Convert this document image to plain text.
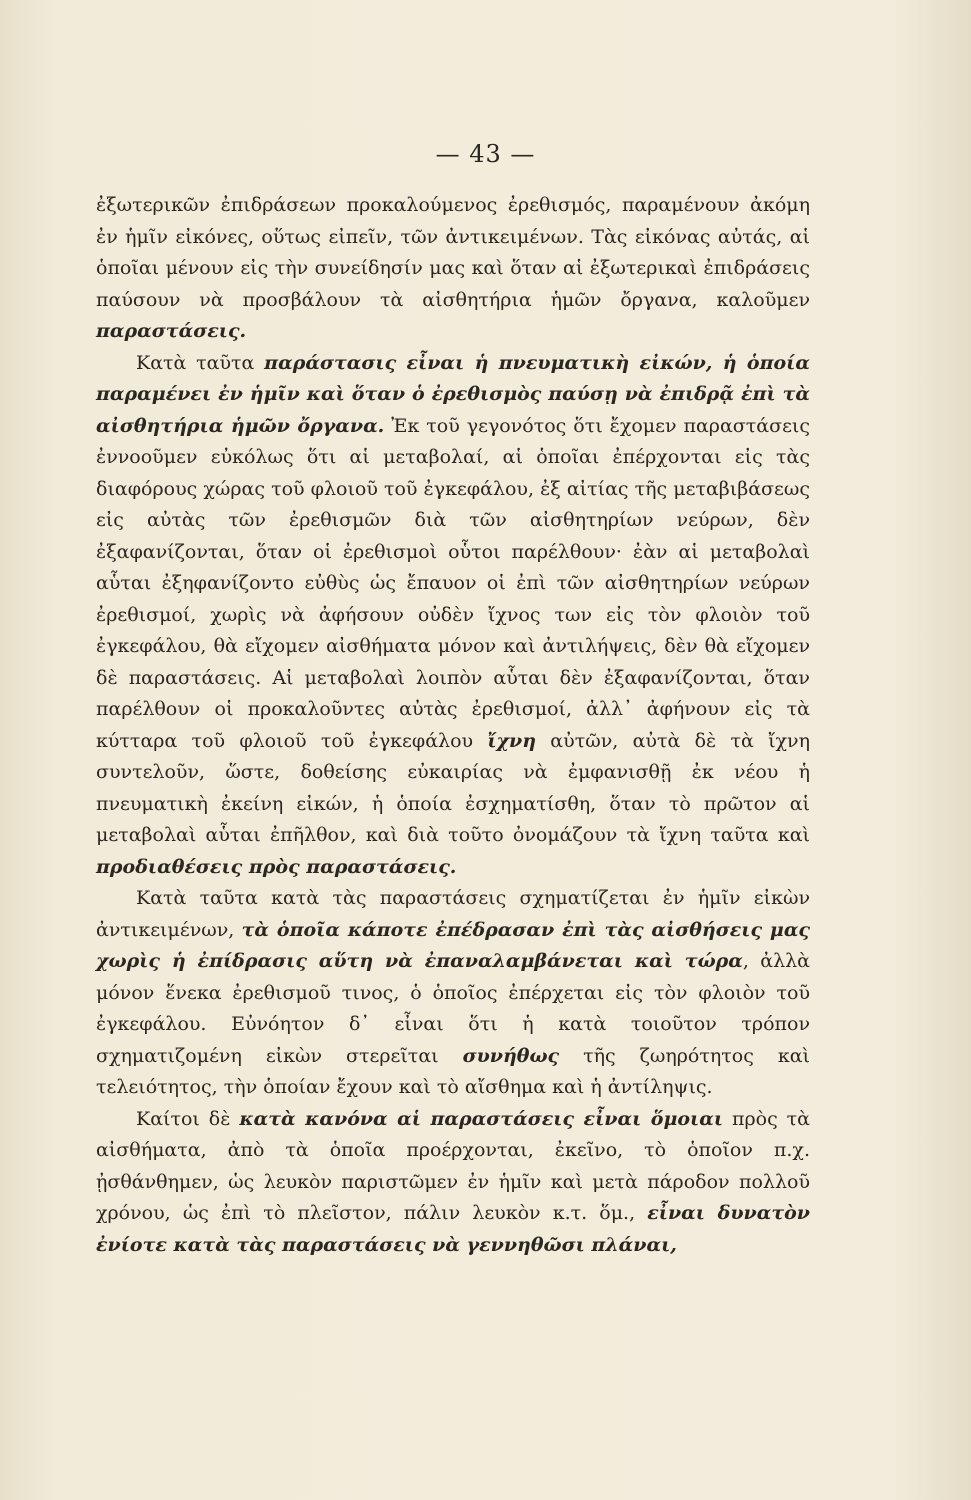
— 43 —

ἐξωτερικῶν ἐπιδράσεων προκαλούμενος ἐρεθισμός, παραμένουν ἀκόμη ἐν ἡμῖν εἰκόνες, οὕτως εἰπεῖν, τῶν ἀντικειμένων. Τὰς εἰκόνας αὐτάς, αἱ ὁποῖαι μένουν εἰς τὴν συνείδησίν μας καὶ ὅταν αἱ ἐξωτερικαὶ ἐπιδράσεις παύσουν νὰ προσβάλουν τὰ αἰσθητήρια ἡμῶν ὄργανα, καλοῦμεν παραστάσεις.

Κατὰ ταῦτα παράστασις εἶναι ἡ πνευματικὴ εἰκών, ἡ ὁποία παραμένει ἐν ἡμῖν καὶ ὅταν ὁ ἐρεθισμὸς παύσῃ νὰ ἐπιδρᾷ ἐπὶ τὰ αἰσθητήρια ἡμῶν ὄργανα. Ἐκ τοῦ γεγονότος ὅτι ἔχομεν παραστάσεις ἐννοοῦμεν εὐκόλως ὅτι αἱ μεταβολαί, αἱ ὁποῖαι ἐπέρχονται εἰς τὰς διαφόρους χώρας τοῦ φλοιοῦ τοῦ ἐγκεφάλου, ἐξ αἰτίας τῆς μεταβιβάσεως εἰς αὐτὰς τῶν ἐρεθισμῶν διὰ τῶν αἰσθητηρίων νεύρων, δὲν ἐξαφανίζονται, ὅταν οἱ ἐρεθισμοὶ οὗτοι παρέλθουν· ἐὰν αἱ μεταβολαὶ αὗται ἐξηφανίζοντο εὐθὺς ὡς ἔπαυον οἱ ἐπὶ τῶν αἰσθητηρίων νεύρων ἐρεθισμοί, χωρὶς νὰ ἀφήσουν οὐδὲν ἴχνος των εἰς τὸν φλοιὸν τοῦ ἐγκεφάλου, θὰ εἴχομεν αἰσθήματα μόνον καὶ ἀντιλήψεις, δὲν θὰ εἴχομεν δὲ παραστάσεις. Αἱ μεταβολαὶ λοιπὸν αὗται δὲν ἐξαφανίζονται, ὅταν παρέλθουν οἱ προκαλοῦντες αὐτὰς ἐρεθισμοί, ἀλλ᾽ ἀφήνουν εἰς τὰ κύτταρα τοῦ φλοιοῦ τοῦ ἐγκεφάλου ἴχνη αὐτῶν, αὐτὰ δὲ τὰ ἴχνη συντελοῦν, ὥστε, δοθείσης εὐκαιρίας νὰ ἐμφανισθῇ ἐκ νέου ἡ πνευματικὴ ἐκείνη εἰκών, ἡ ὁποία ἐσχηματίσθη, ὅταν τὸ πρῶτον αἱ μεταβολαὶ αὗται ἐπῆλθον, καὶ διὰ τοῦτο ὀνομάζουν τὰ ἴχνη ταῦτα καὶ προδιαθέσεις πρὸς παραστάσεις.

Κατὰ ταῦτα κατὰ τὰς παραστάσεις σχηματίζεται ἐν ἡμῖν εἰκὼν ἀντικειμένων, τὰ ὁποῖα κάποτε ἐπέδρασαν ἐπὶ τὰς αἰσθήσεις μας χωρὶς ἡ ἐπίδρασις αὕτη νὰ ἐπαναλαμβάνεται καὶ τώρα, ἀλλὰ μόνον ἕνεκα ἐρεθισμοῦ τινος, ὁ ὁποῖος ἐπέρχεται εἰς τὸν φλοιὸν τοῦ ἐγκεφάλου. Εὐνόητον δ᾽ εἶναι ὅτι ἡ κατὰ τοιοῦτον τρόπον σχηματιζομένη εἰκὼν στερεῖται συνήθως τῆς ζωηρότητος καὶ τελειότητος, τὴν ὁποίαν ἔχουν καὶ τὸ αἴσθημα καὶ ἡ ἀντίληψις.

Καίτοι δὲ κατὰ κανόνα αἱ παραστάσεις εἶναι ὅμοιαι πρὸς τὰ αἰσθήματα, ἀπὸ τὰ ὁποῖα προέρχονται, ἐκεῖνο, τὸ ὁποῖον π.χ. ᾐσθάνθημεν, ὡς λευκὸν παριστῶμεν ἐν ἡμῖν καὶ μετὰ πάροδον πολλοῦ χρόνου, ὡς ἐπὶ τὸ πλεῖστον, πάλιν λευκὸν κ.τ. ὅμ., εἶναι δυνατὸν ἐνίοτε κατὰ τὰς παραστάσεις νὰ γεννηθῶσι πλάναι,
